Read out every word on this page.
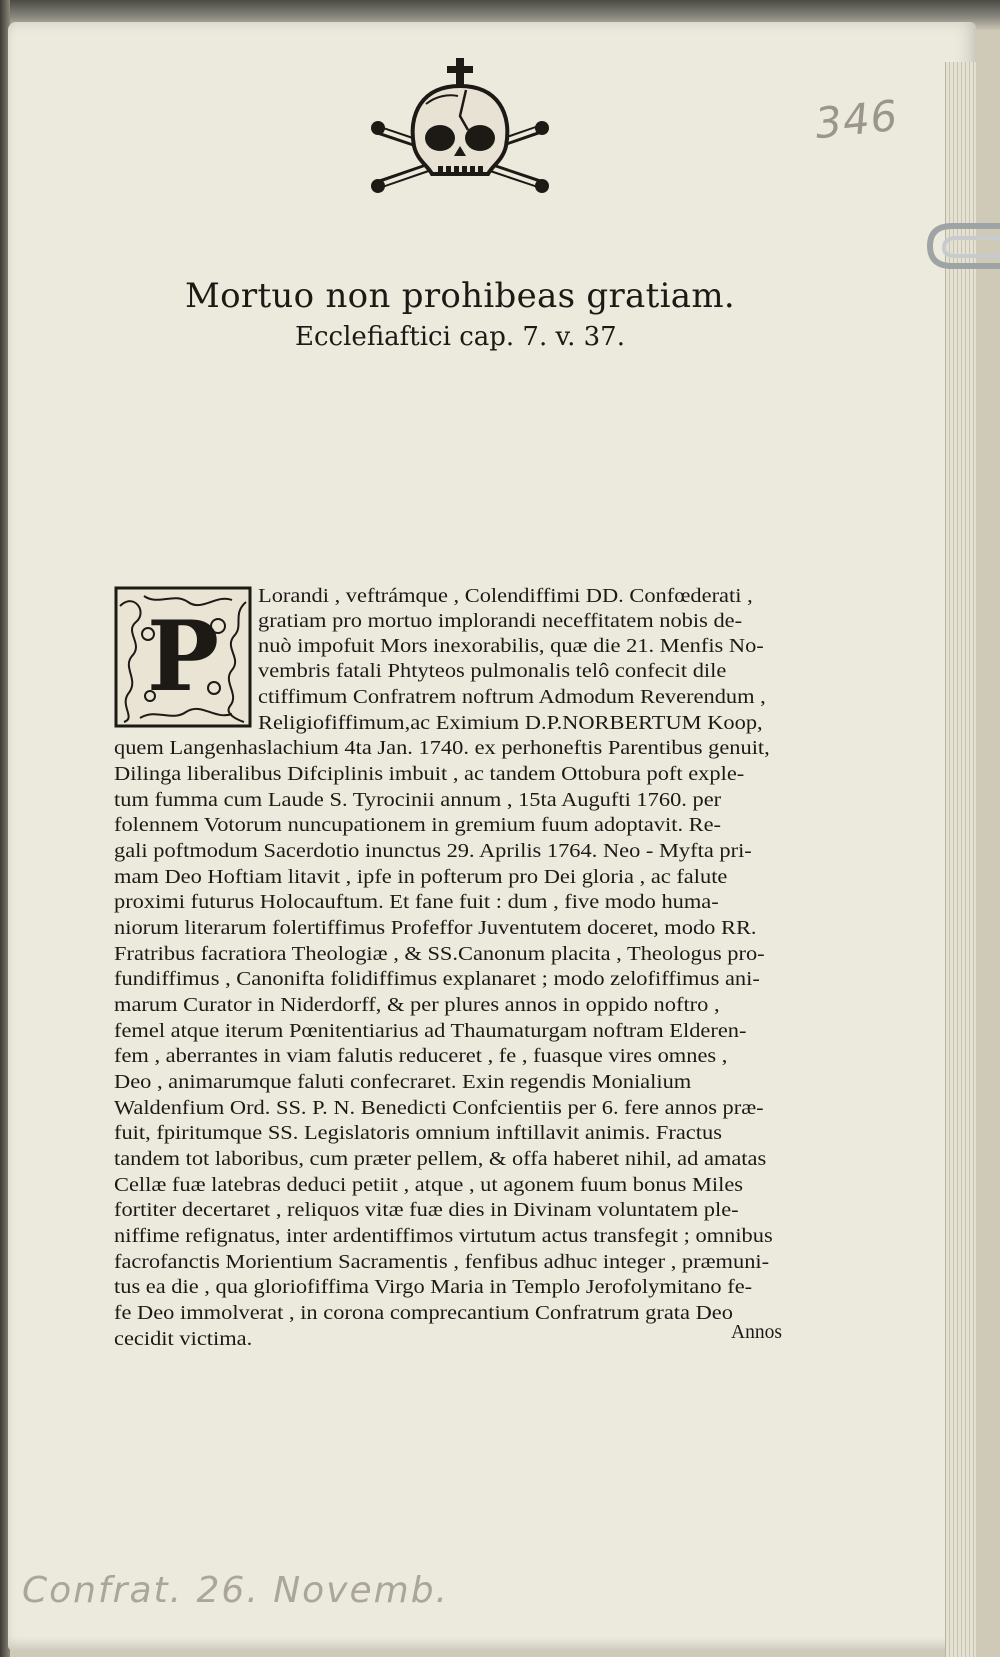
346
Mortuo non prohibeas gratiam.
Ecclefiaftici cap. 7. v. 37.
P
Lorandi , veftrámque , Colendiffimi DD. Confœderati ,
gratiam pro mortuo implorandi neceffitatem nobis de-
nuò impofuit Mors inexorabilis, quæ die 21. Menfis No-
vembris fatali Phtyteos pulmonalis telô confecit dile
ctiffimum Confratrem noftrum Admodum Reverendum ,
Religiofiffimum,ac Eximium D.P.NORBERTUM Koop,
quem Langenhaslachium 4ta Jan. 1740. ex perhoneftis Parentibus genuit,
Dilinga liberalibus Difciplinis imbuit , ac tandem Ottobura poft exple-
tum fumma cum Laude S. Tyrocinii annum , 15ta Augufti 1760. per
folennem Votorum nuncupationem in gremium fuum adoptavit. Re-
gali poftmodum Sacerdotio inunctus 29. Aprilis 1764. Neo - Myfta pri-
mam Deo Hoftiam litavit , ipfe in pofterum pro Dei gloria , ac falute
proximi futurus Holocauftum. Et fane fuit : dum , five modo huma-
niorum literarum folertiffimus Profeffor Juventutem doceret, modo RR.
Fratribus facratiora Theologiæ , & SS.Canonum placita , Theologus pro-
fundiffimus , Canonifta folidiffimus explanaret ; modo zelofiffimus ani-
marum Curator in Niderdorff, & per plures annos in oppido noftro ,
femel atque iterum Pœnitentiarius ad Thaumaturgam noftram Elderen-
fem , aberrantes in viam falutis reduceret , fe , fuasque vires omnes ,
Deo , animarumque faluti confecraret. Exin regendis Monialium
Waldenfium Ord. SS. P. N. Benedicti Confcientiis per 6. fere annos præ-
fuit, fpiritumque SS. Legislatoris omnium inftillavit animis. Fractus
tandem tot laboribus, cum præter pellem, & offa haberet nihil, ad amatas
Cellæ fuæ latebras deduci petiit , atque , ut agonem fuum bonus Miles
fortiter decertaret , reliquos vitæ fuæ dies in Divinam voluntatem ple-
niffime refignatus, inter ardentiffimos virtutum actus transfegit ; omnibus
facrofanctis Morientium Sacramentis , fenfibus adhuc integer , præmuni-
tus ea die , qua gloriofiffima Virgo Maria in Templo Jerofolymitano fe-
fe Deo immolverat , in corona comprecantium Confratrum grata Deo
cecidit victima.	Annos
Confrat. 26. Novemb.
